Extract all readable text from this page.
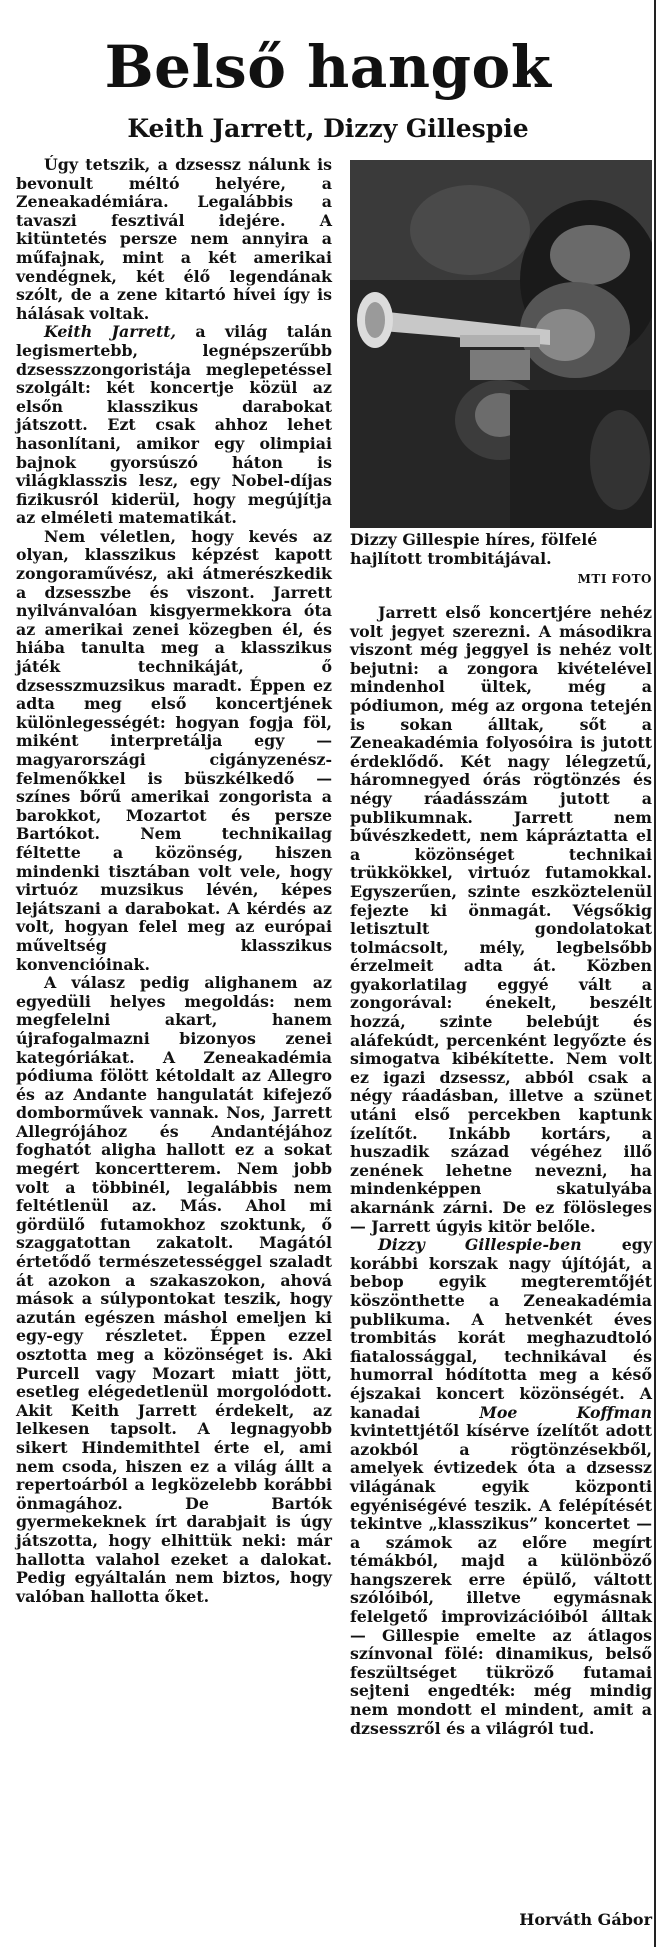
Belső hangok
Keith Jarrett, Dizzy Gillespie

Úgy tetszik, a dzsessz nálunk is bevonult méltó helyére, a Zeneakadémiára. Legalábbis a tavaszi fesztivál idejére. A kitüntetés persze nem annyira a műfajnak, mint a két amerikai vendégnek, két élő legendának szólt, de a zene kitartó hívei így is hálásak voltak.

Keith Jarrett, a világ talán legismertebb, legnépszerűbb dzsesszzongoristája meglepetéssel szolgált: két koncertje közül az elsőn klasszikus darabokat játszott. Ezt csak ahhoz lehet hasonlítani, amikor egy olimpiai bajnok gyorsúszó háton is világklasszis lesz, egy Nobel-díjas fizikusról kiderül, hogy megújítja az elméleti matematikát.

Nem véletlen, hogy kevés az olyan, klasszikus képzést kapott zongoraművész, aki átmerészkedik a dzsesszbe és viszont. Jarrett nyilvánvalóan kisgyermekkora óta az amerikai zenei közegben él, és hiába tanulta meg a klasszikus játék technikáját, ő dzsesszmuzsikus maradt. Éppen ez adta meg első koncertjének különlegességét: hogyan fogja föl, miként interpretálja egy — magyarországi cigányzenész-felmenőkkel is büszkélkedő — színes bőrű amerikai zongorista a barokkot, Mozartot és persze Bartókot. Nem technikailag féltette a közönség, hiszen mindenki tisztában volt vele, hogy virtuóz muzsikus lévén, képes lejátszani a darabokat. A kérdés az volt, hogyan felel meg az európai műveltség klasszikus konvencióinak.

A válasz pedig alighanem az egyedüli helyes megoldás: nem megfelelni akart, hanem újrafogalmazni bizonyos zenei kategóriákat. A Zeneakadémia pódiuma fölött kétoldalt az Allegro és az Andante hangulatát kifejező domborművek vannak. Nos, Jarrett Allegrójához és Andantéjához foghatót aligha hallott ez a sokat megért koncertterem. Nem jobb volt a többinél, legalábbis nem feltétlenül az. Más. Ahol mi gördülő futamokhoz szoktunk, ő szaggatottan zakatolt. Magától értetődő természetességgel szaladt át azokon a szakaszokon, ahová mások a súlypontokat teszik, hogy azután egészen máshol emeljen ki egy-egy részletet. Éppen ezzel osztotta meg a közönséget is. Aki Purcell vagy Mozart miatt jött, esetleg elégedetlenül morgolódott. Akit Keith Jarrett érdekelt, az lelkesen tapsolt. A legnagyobb sikert Hindemithtel érte el, ami nem csoda, hiszen ez a világ állt a repertoárból a legközelebb korábbi önmagához. De Bartók gyermekeknek írt darabjait is úgy játszotta, hogy elhittük neki: már hallotta valahol ezeket a dalokat. Pedig egyáltalán nem biztos, hogy valóban hallotta őket.

Dizzy Gillespie híres, fölfelé hajlított trombitájával.

MTI FOTO

Jarrett első koncertjére nehéz volt jegyet szerezni. A másodikra viszont még jeggyel is nehéz volt bejutni: a zongora kivételével mindenhol ültek, még a pódiumon, még az orgona tetején is sokan álltak, sőt a Zeneakadémia folyosóira is jutott érdeklődő. Két nagy lélegzetű, háromnegyed órás rögtönzés és négy ráadásszám jutott a publikumnak. Jarrett nem bűvészkedett, nem kápráztatta el a közönséget technikai trükkökkel, virtuóz futamokkal. Egyszerűen, szinte eszköztelenül fejezte ki önmagát. Végsőkig letisztult gondolatokat tolmácsolt, mély, legbelsőbb érzelmeit adta át. Közben gyakorlatilag eggyé vált a zongorával: énekelt, beszélt hozzá, szinte belebújt és aláfekúdt, percenként legyőzte és simogatva kibékítette. Nem volt ez igazi dzsessz, abból csak a négy ráadásban, illetve a szünet utáni első percekben kaptunk ízelítőt. Inkább kortárs, a huszadik század végéhez illő zenének lehetne nevezni, ha mindenképpen skatulyába akarnánk zárni. De ez fölösleges — Jarrett úgyis kitör belőle.

Dizzy Gillespie-ben egy korábbi korszak nagy újítóját, a bebop egyik megteremtőjét köszönthette a Zeneakadémia publikuma. A hetvenkét éves trombitás korát meghazudtoló fiatalossággal, technikával és humorral hódította meg a késő éjszakai koncert közönségét. A kanadai Moe Koffman kvintettjétől kísérve ízelítőt adott azokból a rögtönzésekből, amelyek évtizedek óta a dzsessz világának egyik központi egyéniségévé teszik. A felépítését tekintve „klasszikus” koncertet — a számok az előre megírt témákból, majd a különböző hangszerek erre épülő, váltott szólóiból, illetve egymásnak felelgető improvizációiból álltak — Gillespie emelte az átlagos színvonal fölé: dinamikus, belső feszültséget tükröző futamai sejteni engedték: még mindig nem mondott el mindent, amit a dzsesszről és a világról tud.

Horváth Gábor
